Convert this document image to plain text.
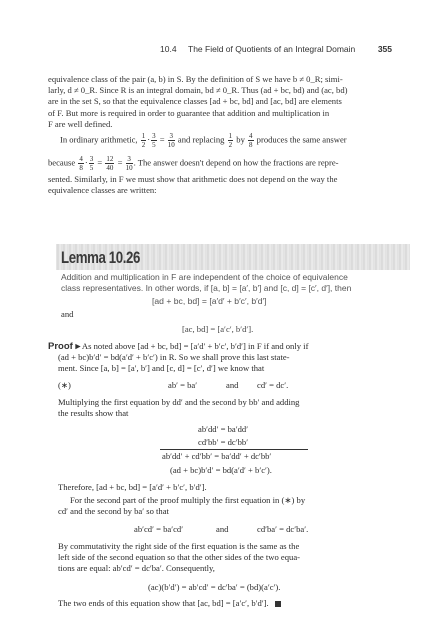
10.4 The Field of Quotients of an Integral Domain	355
equivalence class of the pair (a, b) in S. By the definition of S we have b ≠ 0_R; simi-
larly, d ≠ 0_R. Since R is an integral domain, bd ≠ 0_R. Thus (ad + bc, bd) and (ac, bd)
are in the set S, so that the equivalence classes [ad + bc, bd] and [ac, bd] are elements
of F. But more is required in order to guarantee that addition and multiplication in
F are well defined.
In ordinary arithmetic, $\frac{1}{2} \cdot \frac{3}{5} = \frac{3}{10}$ and replacing $\frac{1}{2}$ by $\frac{4}{8}$ produces the same answer
because $\frac{4}{8} \cdot \frac{3}{5} = \frac{12}{40} = \frac{3}{10}$ . The answer doesn't depend on how the fractions are repre-
sented. Similarly, in F we must show that arithmetic does not depend on the way the
equivalence classes are written:
Lemma 10.26
Addition and multiplication in F are independent of the choice of equivalence
class representatives. In other words, if [a, b] = [a′, b′] and [c, d] = [c′, d′], then
[ad + bc, bd] = [a′d′ + b′c′, b′d′]
and
[ac, bd] = [a′c′, b′d′].
Proof ▸ As noted above [ad + bc, bd] = [a′d′ + b′c′, b′d′] in F if and only if
(ad + bc)b′d′ = bd(a′d′ + b′c′) in R. So we shall prove this last state-
ment. Since [a, b] = [a′, b′] and [c, d] = [c′, d′] we know that
(∗)	ab′ = ba′	and cd′ = dc′.
Multiplying the first equation by dd′ and the second by bb′ and adding
the results show that
ab′dd′ = ba′dd′
cd′bb′ = dc′bb′
ab′dd′ + cd′bb′ = ba′dd′ + dc′bb′
(ad + bc)b′d′ = bd(a′d′ + b′c′).
Therefore, [ad + bc, bd] = [a′d′ + b′c′, b′d′].
For the second part of the proof multiply the first equation in (∗) by
cd′ and the second by ba′ so that
ab′cd′ = ba′cd′	and	cd′ba′ = dc′ba′.
By commutativity the right side of the first equation is the same as the
left side of the second equation so that the other sides of the two equa-
tions are equal: ab′cd′ = dc′ba′. Consequently,
(ac)(b′d′) = ab′cd′ = dc′ba′ = (bd)(a′c′).
The two ends of this equation show that [ac, bd] = [a′c′, b′d′].
